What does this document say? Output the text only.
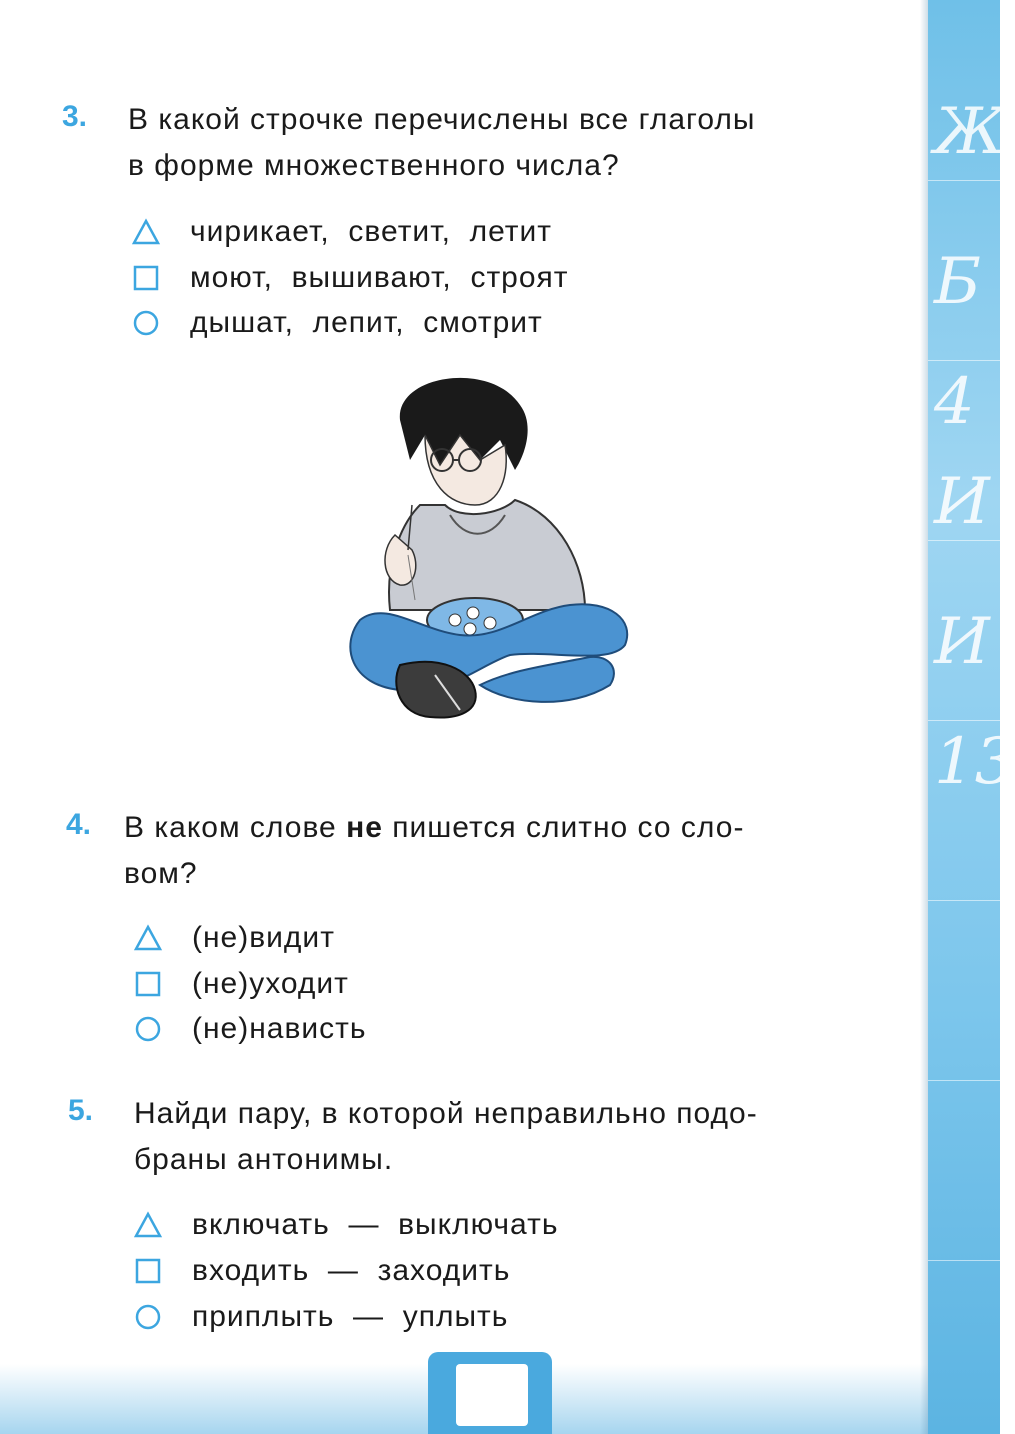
3. В какой строчке перечислены все глаголы
в форме множественного числа?
чирикает,  светит,  летит
моют,  вышивают,  строят
дышат,  лепит,  смотрит
4. В каком слове не пишется слитно со сло-
вом?
(не)видит
(не)уходит
(не)нависть
5. Найди пару, в которой неправильно подо-
браны антонимы.
включать  —  выключать
входить  —  заходить
приплыть  —  уплыть
Ж
Б
4
И
И
13
